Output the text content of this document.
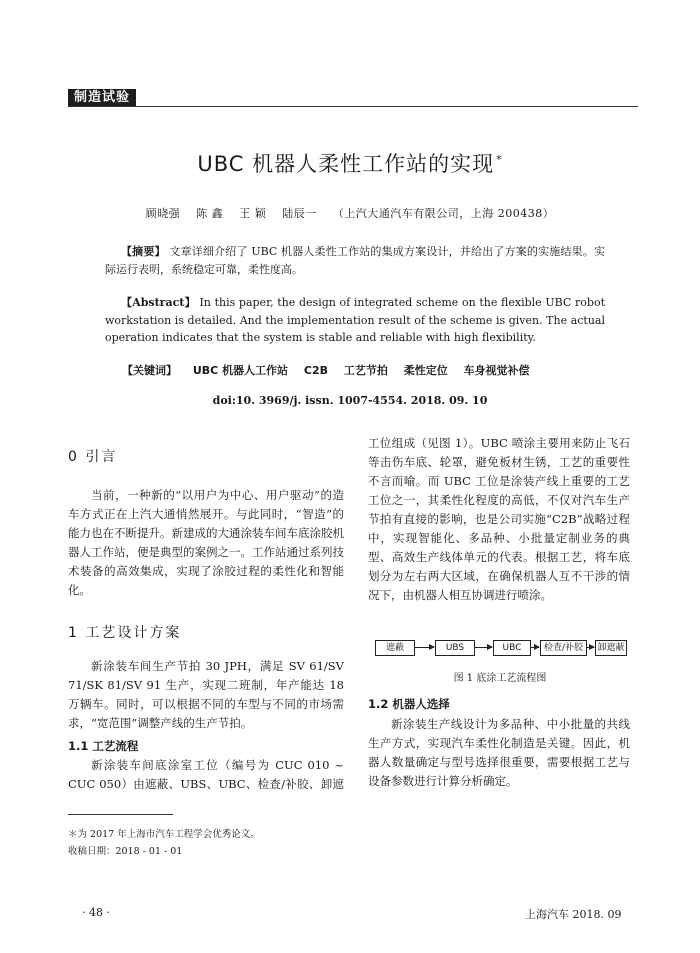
制造试验
UBC 机器人柔性工作站的实现 *
顾晓强 陈 鑫 王 颖 陆辰一 （上汽大通汽车有限公司，上海 200438）
【摘要】 文章详细介绍了 UBC 机器人柔性工作站的集成方案设计，并给出了方案的实施结果。实际运行表明，系统稳定可靠，柔性度高。
【Abstract】 In this paper, the design of integrated scheme on the flexible UBC robot workstation is detailed. And the implementation result of the scheme is given. The actual operation indicates that the system is stable and reliable with high flexibility.
【关键词】 UBC 机器人工作站 C2B 工艺节拍 柔性定位 车身视觉补偿
doi:10. 3969/j. issn. 1007-4554. 2018. 09. 10
0 引言

当前，一种新的“以用户为中心、用户驱动”的造车方式正在上汽大通悄然展开。与此同时，“智造”的能力也在不断提升。新建成的大通涂装车间车底涂胶机器人工作站，便是典型的案例之一。工作站通过系列技术装备的高效集成，实现了涂胶过程的柔性化和智能化。

1 工艺设计方案

新涂装车间生产节拍 30 JPH，满足 SV 61/SV 71/SK 81/SV 91 生产，实现二班制，年产能达 18 万辆车。同时，可以根据不同的车型与不同的市场需求，“宽范围”调整产线的生产节拍。

1.1 工艺流程

新涂装车间底涂室工位（编号为 CUC 010 ~ CUC 050）由遮蔽、UBS、UBC、检查/补胶、卸遮

工位组成（见图 1）。UBC 喷涂主要用来防止飞石等击伤车底、轮罩，避免板材生锈，工艺的重要性不言而喻。而 UBC 工位是涂装产线上重要的工艺工位之一，其柔性化程度的高低，不仅对汽车生产节拍有直接的影响，也是公司实施“C2B”战略过程中，实现智能化、多品种、小批量定制业务的典型、高效生产线体单元的代表。根据工艺，将车底划分为左右两大区域，在确保机器人互不干涉的情况下，由机器人相互协调进行喷涂。

遮蔽	UBS	UBC	检查/补胶	卸遮蔽
图 1 底涂工艺流程图
1.2 机器人选择

新涂装生产线设计为多品种、中小批量的共线生产方式，实现汽车柔性化制造是关键。因此，机器人数量确定与型号选择很重要，需要根据工艺与设备参数进行计算分析确定。

＊为 2017 年上海市汽车工程学会优秀论文。
收稿日期：2018 - 01 - 01
· 48 ·	上海汽车 2018. 09
